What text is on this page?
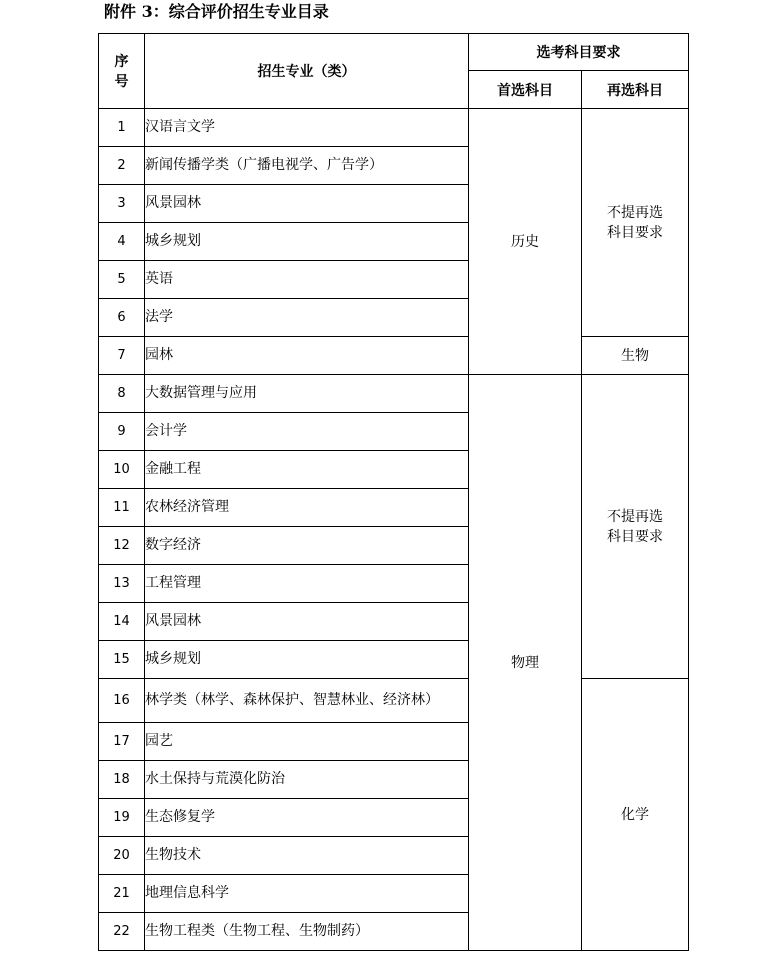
附件 3：综合评价招生专业目录
序
号	招生专业（类）	选考科目要求	
		首选科目	再选科目
1	汉语言文学	历史	不提再选
科目要求
2	新闻传播学类（广播电视学、广告学）		
3	风景园林		
4	城乡规划		
5	英语		
6	法学		
7	园林		生物
8	大数据管理与应用	物理	不提再选
科目要求
9	会计学		
10	金融工程		
11	农林经济管理		
12	数字经济		
13	工程管理		
14	风景园林		
15	城乡规划		
16	林学类（林学、森林保护、智慧林业、经济林）		化学
17	园艺		
18	水土保持与荒漠化防治		
19	生态修复学		
20	生物技术		
21	地理信息科学		
22	生物工程类（生物工程、生物制药）		
